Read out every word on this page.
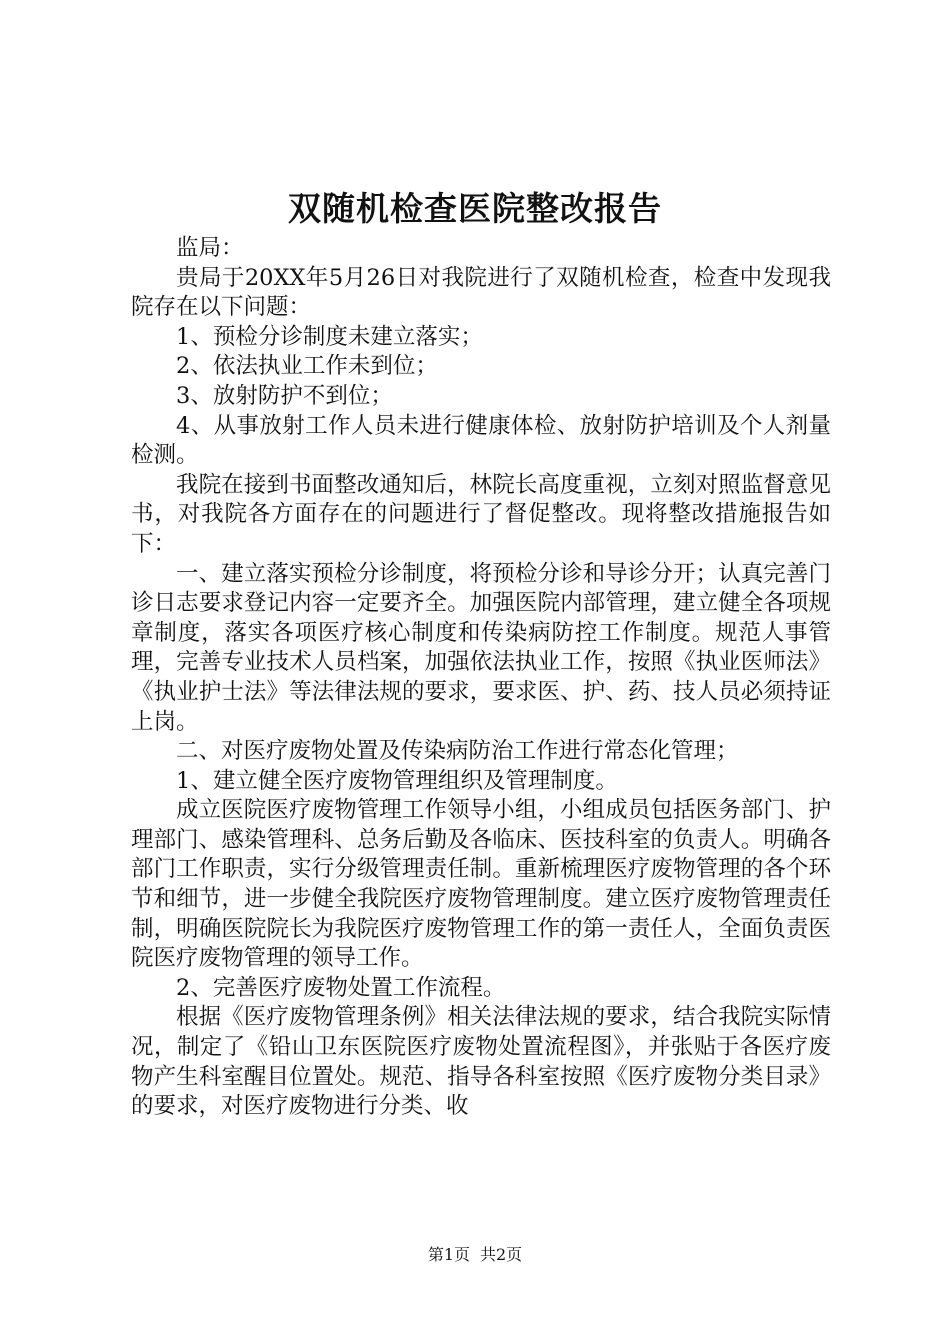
双随机检查医院整改报告

监局：

贵局于20XX年5月26日对我院进行了双随机检查，检查中发现我院存在以下问题：

1、预检分诊制度未建立落实；

2、依法执业工作未到位；

3、放射防护不到位；

4、从事放射工作人员未进行健康体检、放射防护培训及个人剂量检测。

我院在接到书面整改通知后，林院长高度重视，立刻对照监督意见书，对我院各方面存在的问题进行了督促整改。现将整改措施报告如下：

一、建立落实预检分诊制度，将预检分诊和导诊分开；认真完善门诊日志要求登记内容一定要齐全。加强医院内部管理，建立健全各项规章制度，落实各项医疗核心制度和传染病防控工作制度。规范人事管理，完善专业技术人员档案，加强依法执业工作，按照《执业医师法》《执业护士法》等法律法规的要求，要求医、护、药、技人员必须持证上岗。

二、对医疗废物处置及传染病防治工作进行常态化管理；

1、建立健全医疗废物管理组织及管理制度。

成立医院医疗废物管理工作领导小组，小组成员包括医务部门、护理部门、感染管理科、总务后勤及各临床、医技科室的负责人。明确各部门工作职责，实行分级管理责任制。重新梳理医疗废物管理的各个环节和细节，进一步健全我院医疗废物管理制度。建立医疗废物管理责任制，明确医院院长为我院医疗废物管理工作的第一责任人，全面负责医院医疗废物管理的领导工作。

2、完善医疗废物处置工作流程。

根据《医疗废物管理条例》相关法律法规的要求，结合我院实际情况，制定了《铅山卫东医院医疗废物处置流程图》，并张贴于各医疗废物产生科室醒目位置处。规范、指导各科室按照《医疗废物分类目录》的要求，对医疗废物进行分类、收

第1页 共2页
